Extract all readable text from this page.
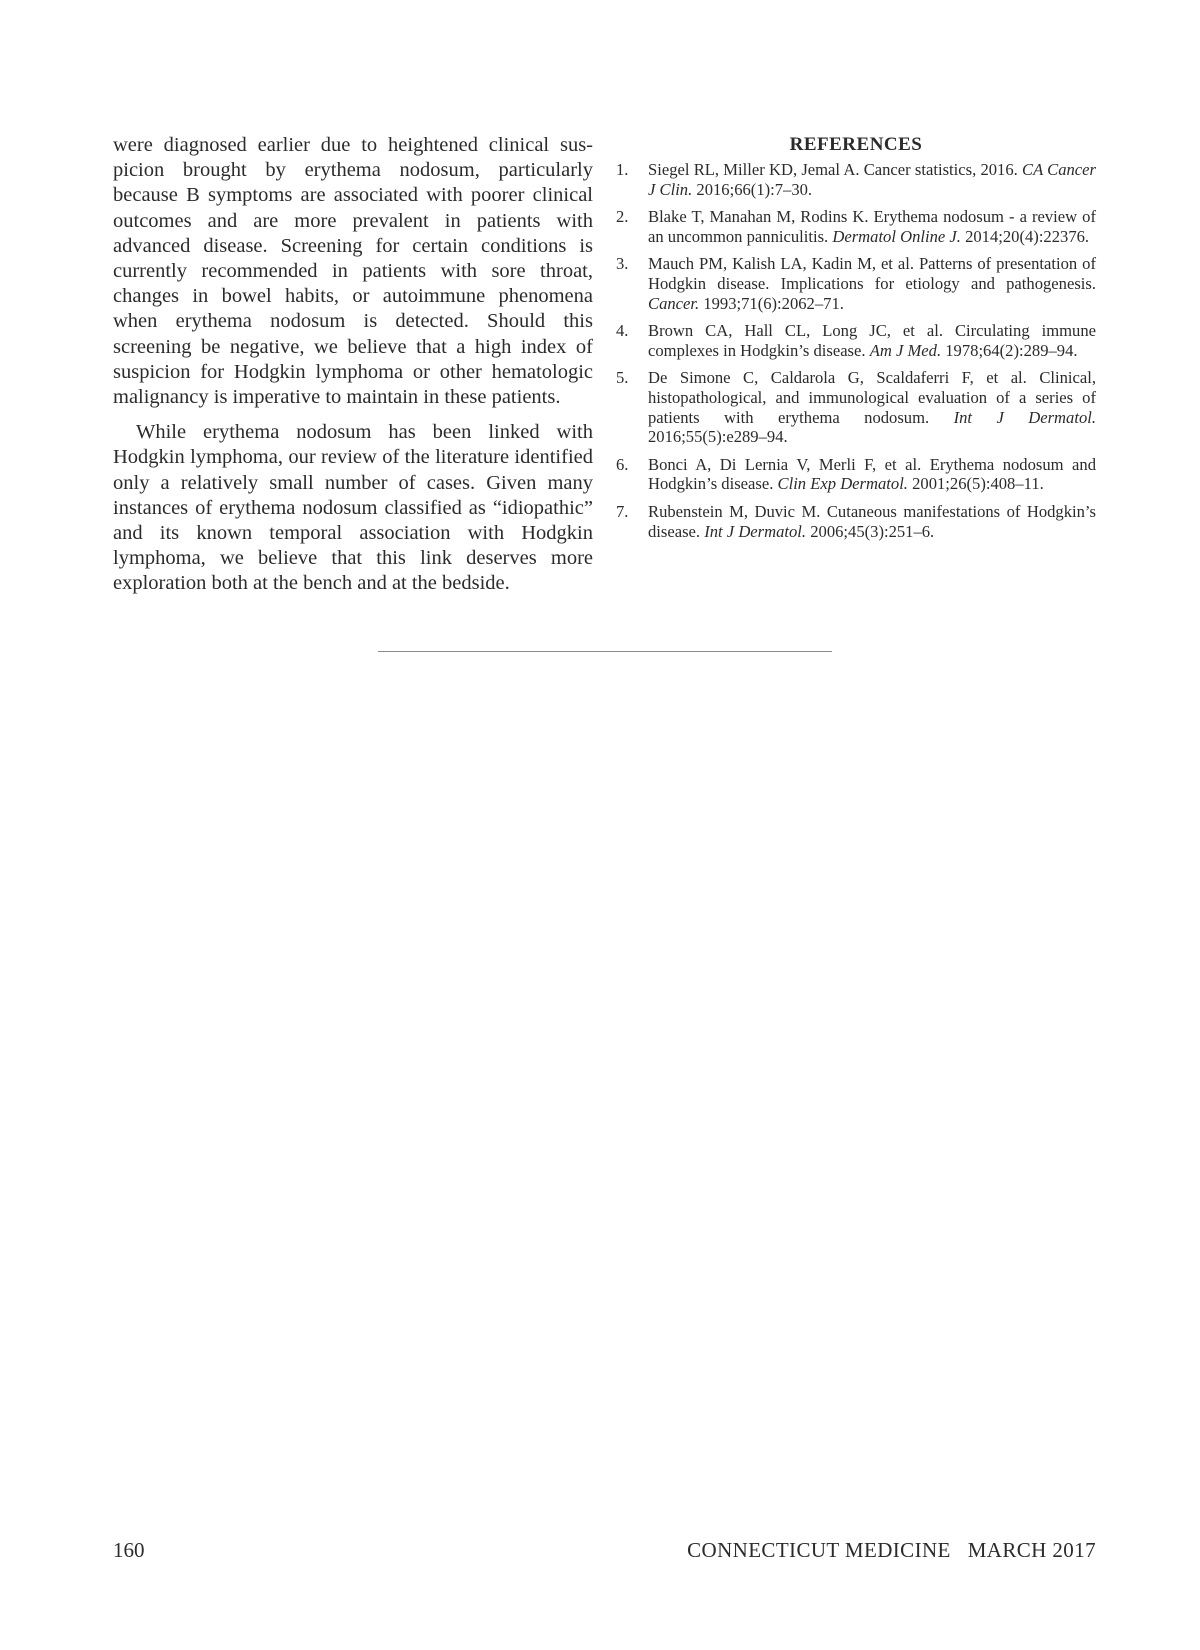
were diagnosed earlier due to heightened clinical suspicion brought by erythema nodosum, particularly because B symptoms are associated with poorer clinical outcomes and are more prevalent in patients with advanced disease. Screening for certain conditions is currently recommended in patients with sore throat, changes in bowel habits, or autoimmune phenomena when erythema nodosum is detected. Should this screening be negative, we believe that a high index of suspicion for Hodgkin lymphoma or other hematologic malignancy is imperative to maintain in these patients.

While erythema nodosum has been linked with Hodgkin lymphoma, our review of the literature identified only a relatively small number of cases. Given many instances of erythema nodosum classified as “idiopathic” and its known temporal association with Hodgkin lymphoma, we believe that this link deserves more exploration both at the bench and at the bedside.

REFERENCES
1.	Siegel RL, Miller KD, Jemal A. Cancer statistics, 2016. CA Cancer J Clin. 2016;66(1):7–30.
2.	Blake T, Manahan M, Rodins K. Erythema nodosum - a review of an uncommon panniculitis. Dermatol Online J. 2014;20(4):22376.
3.	Mauch PM, Kalish LA, Kadin M, et al. Patterns of presentation of Hodgkin disease. Implications for etiology and pathogenesis. Cancer. 1993;71(6):2062–71.
4.	Brown CA, Hall CL, Long JC, et al. Circulating immune complexes in Hodgkin’s disease. Am J Med. 1978;64(2):289–94.
5.	De Simone C, Caldarola G, Scaldaferri F, et al. Clinical, histopathological, and immunological evaluation of a series of patients with erythema nodosum. Int J Dermatol. 2016;55(5):e289–94.
6.	Bonci A, Di Lernia V, Merli F, et al. Erythema nodosum and Hodgkin’s disease. Clin Exp Dermatol. 2001;26(5):408–11.
7.	Rubenstein M, Duvic M. Cutaneous manifestations of Hodgkin’s disease. Int J Dermatol. 2006;45(3):251–6.
160	CONNECTICUT MEDICINE   MARCH 2017
